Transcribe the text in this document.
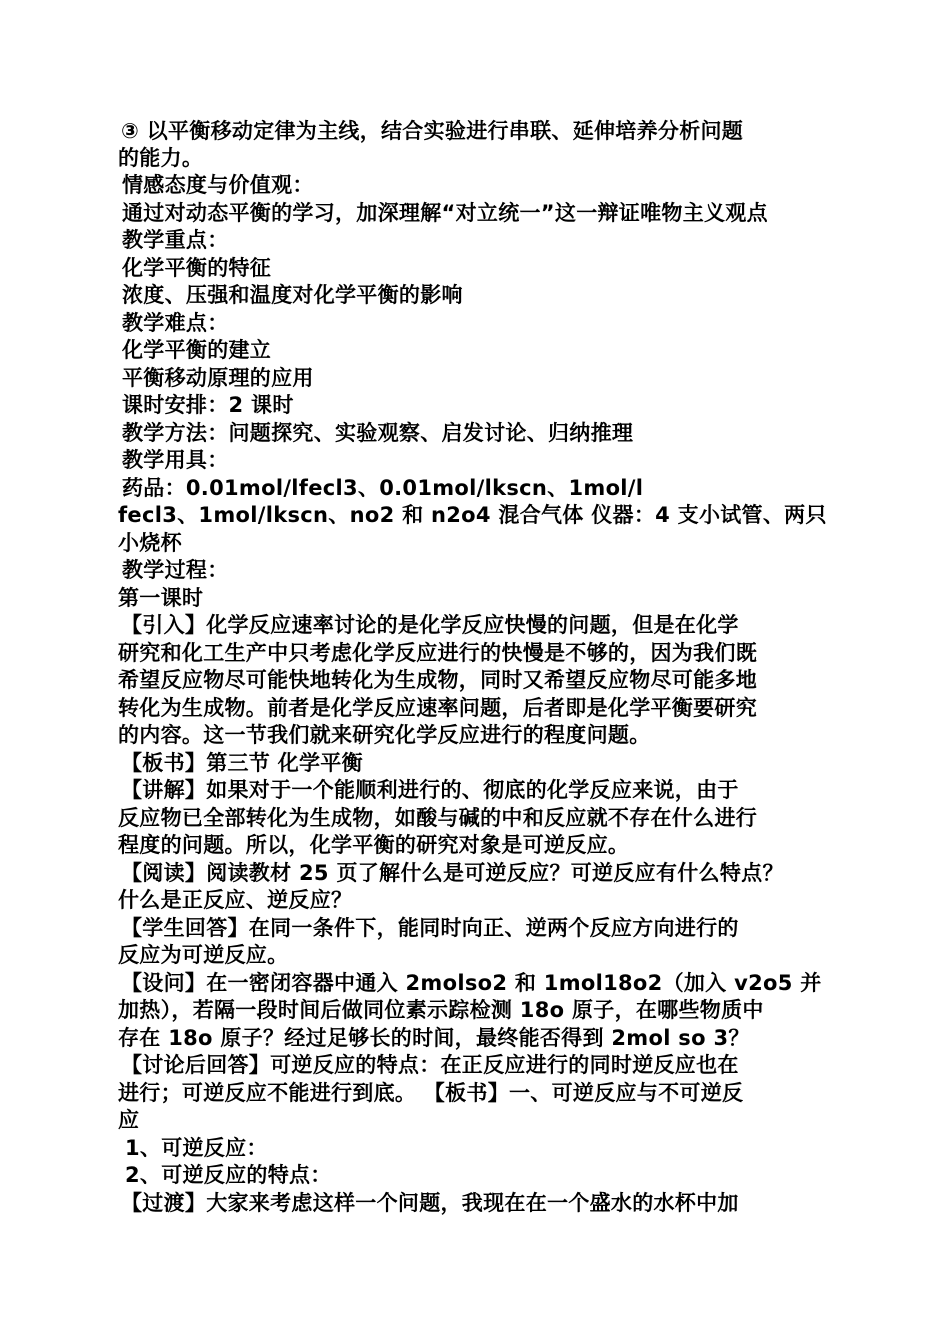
③ 以平衡移动定律为主线，结合实验进行串联、延伸培养分析问题
的能力。
情感态度与价值观：
通过对动态平衡的学习，加深理解“对立统一”这一辩证唯物主义观点
教学重点：
化学平衡的特征
浓度、压强和温度对化学平衡的影响
教学难点：
化学平衡的建立
平衡移动原理的应用
课时安排：2 课时
教学方法：问题探究、实验观察、启发讨论、归纳推理
教学用具：
药品：0.01mol/lfecl3、0.01mol/lkscn、1mol/l
fecl3、1mol/lkscn、no2 和 n2o4 混合气体 仪器：4 支小试管、两只
小烧杯
教学过程：
第一课时
【引入】化学反应速率讨论的是化学反应快慢的问题，但是在化学
研究和化工生产中只考虑化学反应进行的快慢是不够的，因为我们既
希望反应物尽可能快地转化为生成物，同时又希望反应物尽可能多地
转化为生成物。前者是化学反应速率问题，后者即是化学平衡要研究
的内容。这一节我们就来研究化学反应进行的程度问题。
【板书】第三节 化学平衡
【讲解】如果对于一个能顺利进行的、彻底的化学反应来说，由于
反应物已全部转化为生成物，如酸与碱的中和反应就不存在什么进行
程度的问题。所以，化学平衡的研究对象是可逆反应。
【阅读】阅读教材 25 页了解什么是可逆反应？可逆反应有什么特点？
什么是正反应、逆反应？
【学生回答】在同一条件下，能同时向正、逆两个反应方向进行的
反应为可逆反应。
【设问】在一密闭容器中通入 2molso2 和 1mol18o2（加入 v2o5 并
加热），若隔一段时间后做同位素示踪检测 18o 原子，在哪些物质中
存在 18o 原子？经过足够长的时间，最终能否得到 2mol so 3？
【讨论后回答】可逆反应的特点：在正反应进行的同时逆反应也在
进行；可逆反应不能进行到底。 【板书】一、可逆反应与不可逆反
应
1、可逆反应：
2、可逆反应的特点：
【过渡】大家来考虑这样一个问题，我现在在一个盛水的水杯中加
